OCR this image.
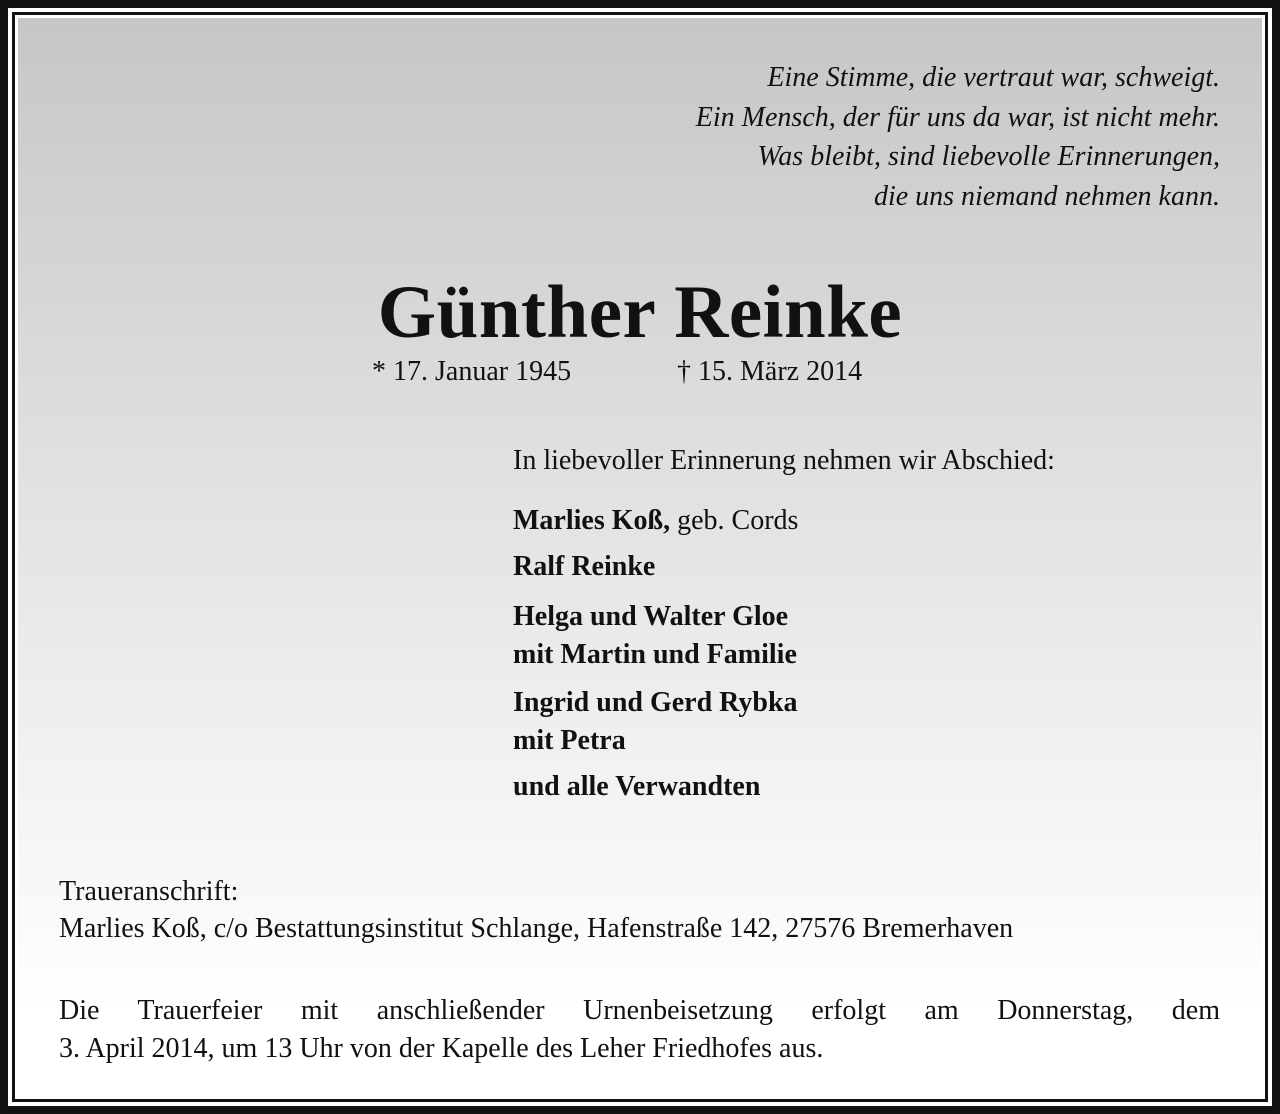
Eine Stimme, die vertraut war, schweigt.

Ein Mensch, der für uns da war, ist nicht mehr.

Was bleibt, sind liebevolle Erinnerungen,

die uns niemand nehmen kann.

Günther Reinke
* 17. Januar 1945	† 15. März 2014

In liebevoller Erinnerung nehmen wir Abschied:

Marlies Koß, geb. Cords
Ralf Reinke
Helga und Walter Gloe
mit Martin und Familie
Ingrid und Gerd Rybka
mit Petra
und alle Verwandten
Traueranschrift:
Marlies Koß, c/o Bestattungsinstitut Schlange, Hafenstraße 142, 27576 Bremerhaven
Die Trauerfeier mit anschließender Urnenbeisetzung erfolgt am Donnerstag, dem
3. April 2014, um 13 Uhr von der Kapelle des Leher Friedhofes aus.
